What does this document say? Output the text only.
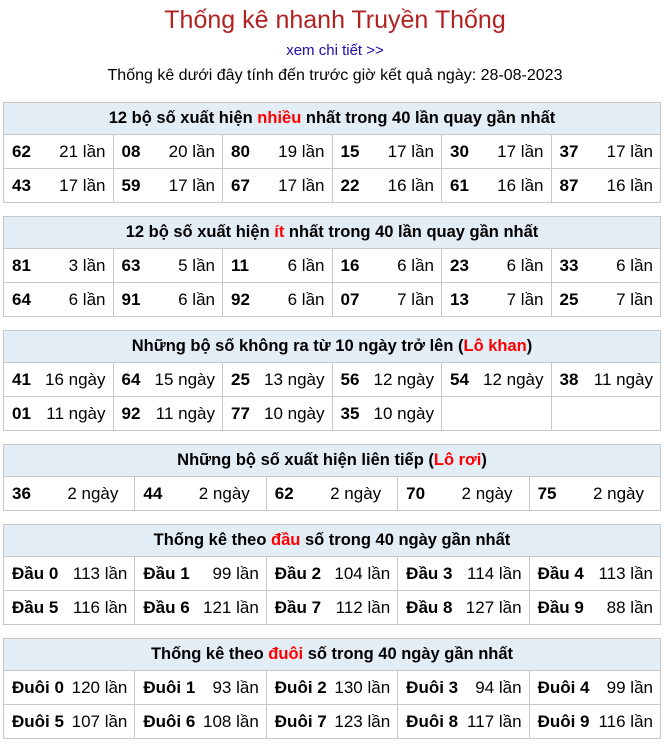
Thống kê nhanh Truyền Thống
xem chi tiết >>
Thống kê dưới đây tính đến trước giờ kết quả ngày: 28-08-2023
12 bộ số xuất hiện nhiều nhất trong 40 lần quay gần nhất					

62 21 lần	08 20 lần	80 19 lần	15 17 lần	30 17 lần	37 17 lần

43 17 lần	59 17 lần	67 17 lần	22 16 lần	61 16 lần	87 16 lần
12 bộ số xuất hiện ít nhất trong 40 lần quay gần nhất					

81 3 lần	63 5 lần	11 6 lần	16 6 lần	23 6 lần	33 6 lần

64 6 lần	91 6 lần	92 6 lần	07 7 lần	13 7 lần	25 7 lần
Những bộ số không ra từ 10 ngày trở lên (Lô khan)					

41 16 ngày	64 15 ngày	25 13 ngày	56 12 ngày	54 12 ngày	38 11 ngày

01 11 ngày	92 11 ngày	77 10 ngày	35 10 ngày		

Những bộ số xuất hiện liên tiếp (Lô rơi)

36 2 ngày	44 2 ngày	62 2 ngày	70 2 ngày	75 2 ngày
Thống kê theo đầu số trong 40 ngày gần nhất				

Đầu 0 113 lần	Đầu 1 99 lần	Đầu 2 104 lần	Đầu 3 114 lần	Đầu 4 113 lần

Đầu 5 116 lần	Đầu 6 121 lần	Đầu 7 112 lần	Đầu 8 127 lần	Đầu 9 88 lần
Thống kê theo đuôi số trong 40 ngày gần nhất				

Đuôi 0 120 lần	Đuôi 1 93 lần	Đuôi 2 130 lần	Đuôi 3 94 lần	Đuôi 4 99 lần

Đuôi 5 107 lần	Đuôi 6 108 lần	Đuôi 7 123 lần	Đuôi 8 117 lần	Đuôi 9 116 lần
